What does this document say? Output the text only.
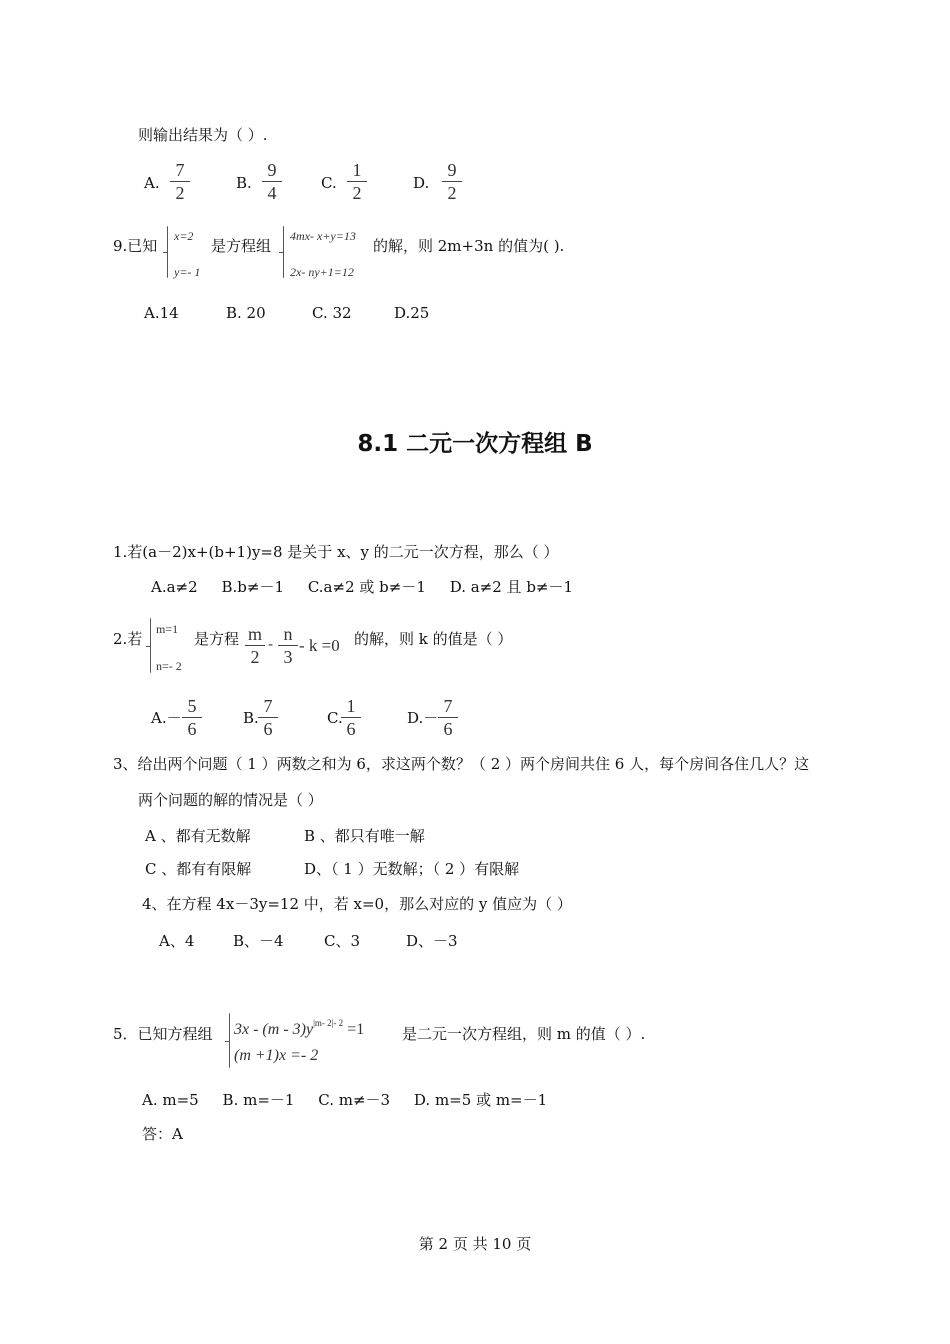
则输出结果为（ ）.
A.
7
2	B.
9
4	C.
1
2	D.
9
2
9.已知
x=2
y=- 1
是方程组
4mx- x+y=13
2x- ny+1=12
的解，则 2m+3n 的值为( ).
A.14	B. 20	C. 32	D.25
8.1 二元一次方程组 B
1.若(a－2)x+(b+1)y=8 是关于 x、y 的二元一次方程，那么（ ）
A.a≠2     B.b≠－1     C.a≠2 或 b≠－1     D. a≠2 且 b≠－1
2.若
m=1
n=- 2
是方程 m
2
- n
3
- k =0 的解，则 k 的值是（ ）
A.－
5
6
B.
7
6
C.
1
6
D.－
7
6
3、给出两个问题（ 1 ）两数之和为 6，求这两个数？（ 2 ）两个房间共住 6 人，每个房间各住几人？这
两个问题的解的情况是（ ）
A 、都有无数解	B 、都只有唯一解
C 、都有有限解	D、（ 1 ）无数解；（ 2 ）有限解
4、在方程 4x－3y=12 中，若 x=0，那么对应的 y 值应为（ ）
A、4	B、－4	C、3	D、－3
5．已知方程组 $3x - (m - 3)y^{|m- 2|- 2} =1$
(m +1)x =- 2
是二元一次方程组，则 m 的值（ ）.
A. m=5     B. m=－1     C. m≠－3     D. m=5 或 m=－1
答：A
第 2 页 共 10 页
